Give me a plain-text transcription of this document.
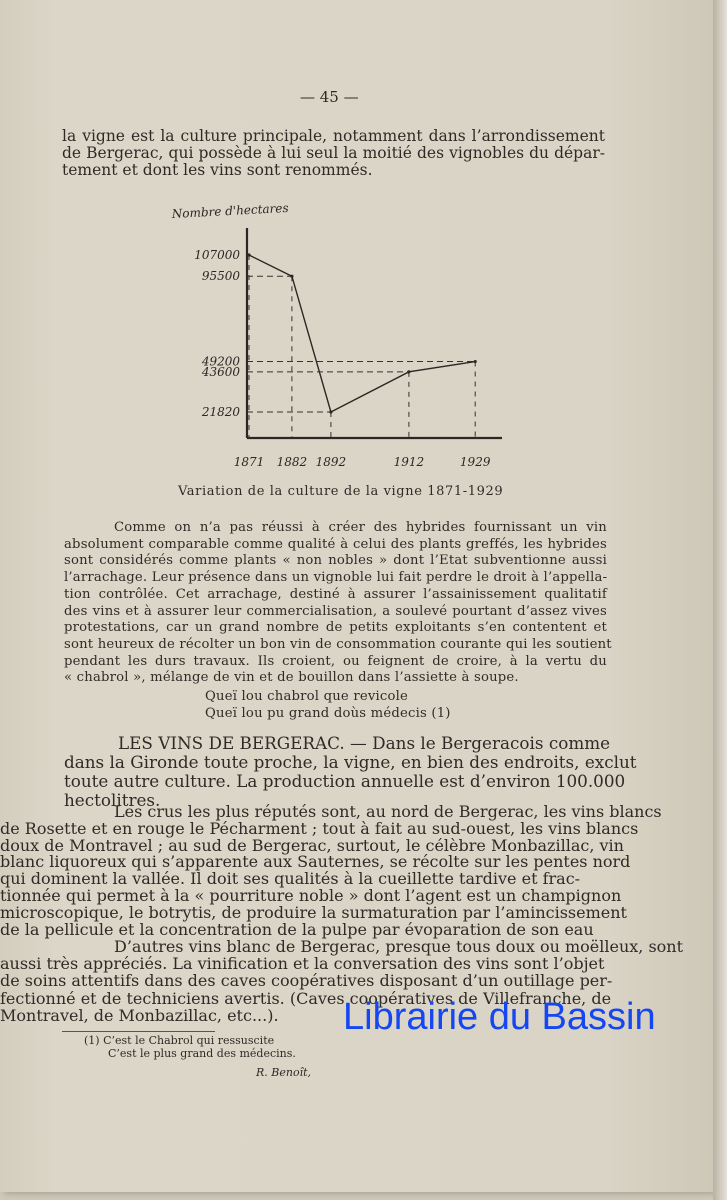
— 45 —
la vigne est la culture principale, notamment dans l’arrondissement
de Bergerac, qui possède à lui seul la moitié des vignobles du dépar-
tement et dont les vins sont renommés.
Nombre d'hectares
107000
95500
49200
43600
21820
1871 1882 1892	1912	1929
Variation de la culture de la vigne 1871-1929
Comme on n’a pas réussi à créer des hybrides fournissant un vin
absolument comparable comme qualité à celui des plants greffés, les hybrides
sont considérés comme plants « non nobles » dont l’Etat subventionne aussi
l’arrachage. Leur présence dans un vignoble lui fait perdre le droit à l’appella-
tion contrôlée. Cet arrachage, destiné à assurer l’assainissement qualitatif
des vins et à assurer leur commercialisation, a soulevé pourtant d’assez vives
protestations, car un grand nombre de petits exploitants s’en contentent et
sont heureux de récolter un bon vin de consommation courante qui les soutient
pendant les durs travaux. Ils croient, ou feignent de croire, à la vertu du
« chabrol », mélange de vin et de bouillon dans l’assiette à soupe.
Queï lou chabrol que revicole
Queï lou pu grand doùs médecis (1)
LES VINS DE BERGERAC. — Dans le Bergeracois comme
dans la Gironde toute proche, la vigne, en bien des endroits, exclut
toute autre culture. La production annuelle est d’environ 100.000
hectolitres.
Les crus les plus réputés sont, au nord de Bergerac, les vins blancs
de Rosette et en rouge le Pécharment ; tout à fait au sud-ouest, les vins blancs
doux de Montravel ; au sud de Bergerac, surtout, le célèbre Monbazillac, vin
blanc liquoreux qui s’apparente aux Sauternes, se récolte sur les pentes nord
qui dominent la vallée. Il doit ses qualités à la cueillette tardive et frac-
tionnée qui permet à la « pourriture noble » dont l’agent est un champignon
microscopique, le botrytis, de produire la surmaturation par l’amincissement
de la pellicule et la concentration de la pulpe par évoparation de son eau
D’autres vins blanc de Bergerac, presque tous doux ou moëlleux, sont
aussi très appréciés. La vinification et la conversation des vins sont l’objet
de soins attentifs dans des caves coopératives disposant d’un outillage per-
fectionné et de techniciens avertis. (Caves coopératives de Villefranche, de
Montravel, de Monbazillac, etc...).
(1) C’est le Chabrol qui ressuscite
C’est le plus grand des médecins.
R. Benoît,
Librairie du Bassin
